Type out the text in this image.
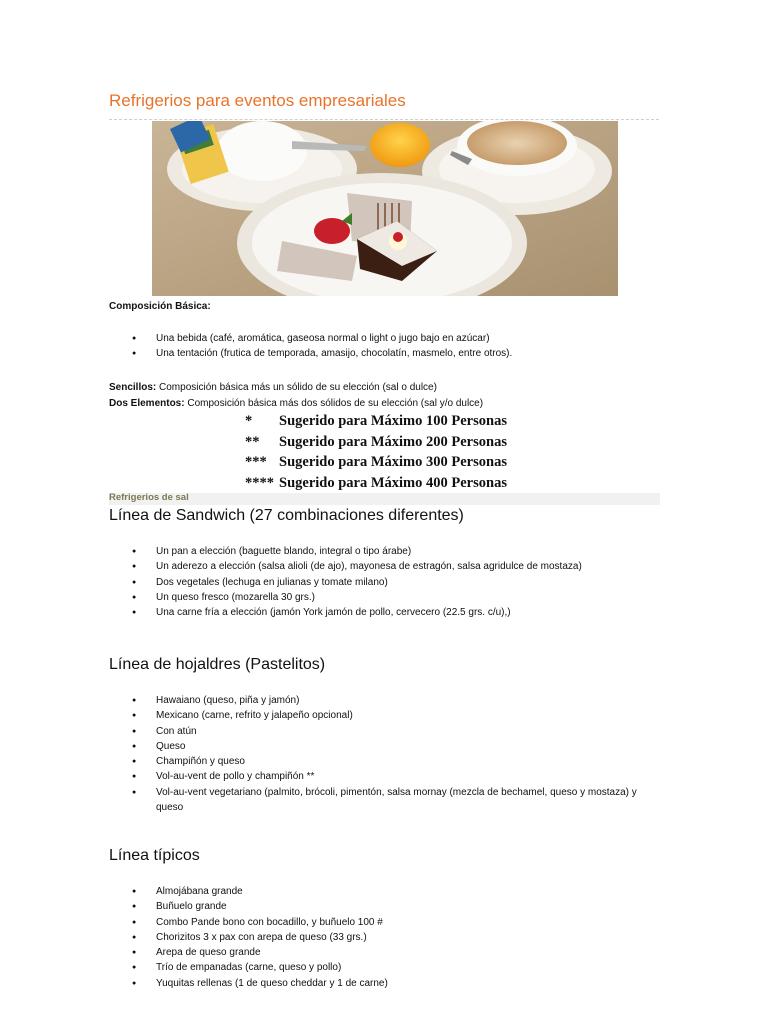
Refrigerios para eventos empresariales
Composición Básica:
● Una bebida (café, aromática, gaseosa normal o light o jugo bajo en azúcar)
● Una tentación (frutica de temporada, amasijo, chocolatín, masmelo, entre otros).
Sencillos: Composición básica más un sólido de su elección (sal o dulce)
Dos Elementos: Composición básica más dos sólidos de su elección (sal y/o dulce)
* Sugerido para Máximo 100 Personas
** Sugerido para Máximo 200 Personas
*** Sugerido para Máximo 300 Personas
**** Sugerido para Máximo 400 Personas
Refrigerios de sal
Línea de Sandwich (27 combinaciones diferentes)
● Un pan a elección (baguette blando, integral o tipo árabe)
● Un aderezo a elección (salsa alioli (de ajo), mayonesa de estragón, salsa agridulce de mostaza)
● Dos vegetales (lechuga en julianas y tomate milano)
● Un queso fresco (mozarella 30 grs.)
● Una carne fría a elección (jamón York jamón de pollo, cervecero (22.5 grs. c/u),)
Línea de hojaldres (Pastelitos)
● Hawaiano (queso, piña y jamón)
● Mexicano (carne, refrito y jalapeño opcional)
● Con atún
● Queso
● Champiñón y queso
● Vol-au-vent de pollo y champiñón **
● Vol-au-vent vegetariano (palmito, brócoli, pimentón, salsa mornay (mezcla de bechamel, queso y mostaza) y queso
Línea típicos
● Almojábana grande
● Buñuelo grande
● Combo Pande bono con bocadillo, y buñuelo 100 #
● Chorizitos 3 x pax con arepa de queso (33 grs.)
● Arepa de queso grande
● Trío de empanadas (carne, queso y pollo)
● Yuquitas rellenas (1 de queso cheddar y 1 de carne)
